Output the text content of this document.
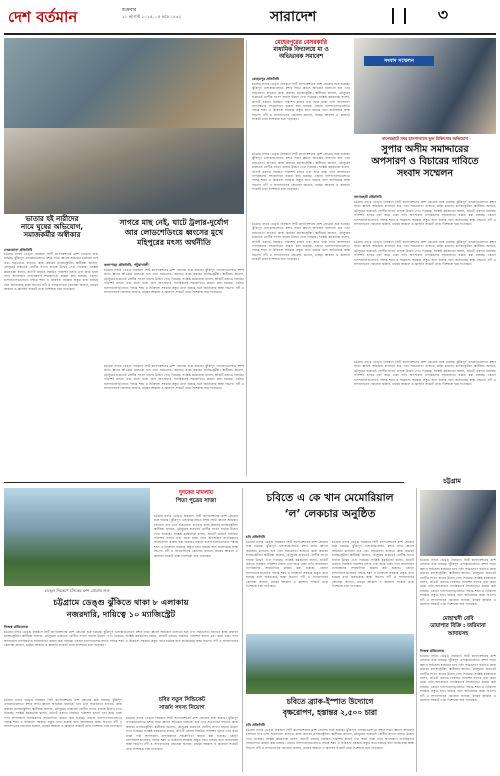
দেশ বর্তমান	শুক্রবার
২১ আগস্ট ২০২৫, ০৫ ভাদ্র ১৪৩২	সারাদেশ	৩
ভাতার হই নারীদের
নামে ঘুষের অভিযোগ,
সমাজকর্মীর অস্বীকার
নেত্রকোনা প্রতিনিধি
চট্টগ্রাম নগরে ডেঙ্গু নিয়ন্ত্রণে সিটি কর্পোরেশনের ক্রাশ প্রোগ্রাম শুরু হয়েছে। ঝুঁকিপূর্ণ এলাকাগুলোতে মশার লার্ভা ধ্বংসে অভিযান চালানো হবে এবং সচেতনতা বাড়াতে কাজ করবেন ম্যাজিস্ট্রেটরা। স্থানীয়রা জানান, মৌসুমের শুরুতেই রোগীর সংখ্যা বাড়ায় উদ্বেগ দেখা দিয়েছে। সংশ্লিষ্ট কর্মকর্তারা বলেন, প্রতিটি ওয়ার্ডে নিয়মিত পরিদর্শন চলবে এবং জমে থাকা পানি অপসারণে নাগরিকদের সহযোগিতা কামনা করা হয়েছে। এছাড়া হাসপাতালগুলোতে পর্যাপ্ত শয্যা ও চিকিৎসা সরঞ্জাম প্রস্তুত রাখা হয়েছে বলে জানিয়েছে স্বাস্থ্য বিভাগ। নদী ও সাগরপাড়ের জেলেরা জানান, মাছের আকাল ও জ্বালানি সংকটে তারা দিশেহারা হয়ে পড়েছেন।
সাগরে মাছ নেই, ঘাটে ট্রলার-দুর্যোগ
আর লোডশেডিংয়ে ধ্বংসের মুখে
মহিপুরের মৎস্য অর্থনীতি
কলাপাড়া প্রতিনিধি, পটুয়াখালী
চট্টগ্রাম নগরে ডেঙ্গু নিয়ন্ত্রণে সিটি কর্পোরেশনের ক্রাশ প্রোগ্রাম শুরু হয়েছে। ঝুঁকিপূর্ণ এলাকাগুলোতে মশার লার্ভা ধ্বংসে অভিযান চালানো হবে এবং সচেতনতা বাড়াতে কাজ করবেন ম্যাজিস্ট্রেটরা। স্থানীয়রা জানান, মৌসুমের শুরুতেই রোগীর সংখ্যা বাড়ায় উদ্বেগ দেখা দিয়েছে। সংশ্লিষ্ট কর্মকর্তারা বলেন, প্রতিটি ওয়ার্ডে নিয়মিত পরিদর্শন চলবে এবং জমে থাকা পানি অপসারণে নাগরিকদের সহযোগিতা কামনা করা হয়েছে। এছাড়া হাসপাতালগুলোতে পর্যাপ্ত শয্যা ও চিকিৎসা সরঞ্জাম প্রস্তুত রাখা হয়েছে বলে জানিয়েছে স্বাস্থ্য বিভাগ। নদী ও সাগরপাড়ের জেলেরা জানান, মাছের আকাল ও জ্বালানি সংকটে তারা দিশেহারা হয়ে পড়েছেন।
চট্টগ্রাম নগরে ডেঙ্গু নিয়ন্ত্রণে সিটি কর্পোরেশনের ক্রাশ প্রোগ্রাম শুরু হয়েছে। ঝুঁকিপূর্ণ এলাকাগুলোতে মশার লার্ভা ধ্বংসে অভিযান চালানো হবে এবং সচেতনতা বাড়াতে কাজ করবেন ম্যাজিস্ট্রেটরা। স্থানীয়রা জানান, মৌসুমের শুরুতেই রোগীর সংখ্যা বাড়ায় উদ্বেগ দেখা দিয়েছে। সংশ্লিষ্ট কর্মকর্তারা বলেন, প্রতিটি ওয়ার্ডে নিয়মিত পরিদর্শন চলবে এবং জমে থাকা পানি অপসারণে নাগরিকদের সহযোগিতা কামনা করা হয়েছে। এছাড়া হাসপাতালগুলোতে পর্যাপ্ত শয্যা ও চিকিৎসা সরঞ্জাম প্রস্তুত রাখা হয়েছে বলে জানিয়েছে স্বাস্থ্য বিভাগ। নদী ও সাগরপাড়ের জেলেরা জানান, মাছের আকাল ও জ্বালানি সংকটে তারা দিশেহারা হয়ে পড়েছেন।
মেহেরপুরের বেসরকারি
মাধ্যমিক বিদ্যালয়ে মা ও
অভিভাবক সমাবেশ
মেহেরপুর প্রতিনিধি
চট্টগ্রাম নগরে ডেঙ্গু নিয়ন্ত্রণে সিটি কর্পোরেশনের ক্রাশ প্রোগ্রাম শুরু হয়েছে। ঝুঁকিপূর্ণ এলাকাগুলোতে মশার লার্ভা ধ্বংসে অভিযান চালানো হবে এবং সচেতনতা বাড়াতে কাজ করবেন ম্যাজিস্ট্রেটরা। স্থানীয়রা জানান, মৌসুমের শুরুতেই রোগীর সংখ্যা বাড়ায় উদ্বেগ দেখা দিয়েছে। সংশ্লিষ্ট কর্মকর্তারা বলেন, প্রতিটি ওয়ার্ডে নিয়মিত পরিদর্শন চলবে এবং জমে থাকা পানি অপসারণে নাগরিকদের সহযোগিতা কামনা করা হয়েছে। এছাড়া হাসপাতালগুলোতে পর্যাপ্ত শয্যা ও চিকিৎসা সরঞ্জাম প্রস্তুত রাখা হয়েছে বলে জানিয়েছে স্বাস্থ্য বিভাগ। নদী ও সাগরপাড়ের জেলেরা জানান, মাছের আকাল ও জ্বালানি সংকটে তারা দিশেহারা হয়ে পড়েছেন।
চট্টগ্রাম নগরে ডেঙ্গু নিয়ন্ত্রণে সিটি কর্পোরেশনের ক্রাশ প্রোগ্রাম শুরু হয়েছে। ঝুঁকিপূর্ণ এলাকাগুলোতে মশার লার্ভা ধ্বংসে অভিযান চালানো হবে এবং সচেতনতা বাড়াতে কাজ করবেন ম্যাজিস্ট্রেটরা। স্থানীয়রা জানান, মৌসুমের শুরুতেই রোগীর সংখ্যা বাড়ায় উদ্বেগ দেখা দিয়েছে। সংশ্লিষ্ট কর্মকর্তারা বলেন, প্রতিটি ওয়ার্ডে নিয়মিত পরিদর্শন চলবে এবং জমে থাকা পানি অপসারণে নাগরিকদের সহযোগিতা কামনা করা হয়েছে। এছাড়া হাসপাতালগুলোতে পর্যাপ্ত শয্যা ও চিকিৎসা সরঞ্জাম প্রস্তুত রাখা হয়েছে বলে জানিয়েছে স্বাস্থ্য বিভাগ। নদী ও সাগরপাড়ের জেলেরা জানান, মাছের আকাল ও জ্বালানি সংকটে তারা দিশেহারা হয়ে পড়েছেন।
সংবাদ সম্মেলন
বাগেরহাটে সদর হাসপাতালে ভুল চিকিৎসার অভিযোগ
সুপার অসীম সমাদ্দারের
অপসারণ ও বিচারের দাবিতে
সংবাদ সম্মেলন
বাগেরহাট প্রতিনিধি
চট্টগ্রাম নগরে ডেঙ্গু নিয়ন্ত্রণে সিটি কর্পোরেশনের ক্রাশ প্রোগ্রাম শুরু হয়েছে। ঝুঁকিপূর্ণ এলাকাগুলোতে মশার লার্ভা ধ্বংসে অভিযান চালানো হবে এবং সচেতনতা বাড়াতে কাজ করবেন ম্যাজিস্ট্রেটরা। স্থানীয়রা জানান, মৌসুমের শুরুতেই রোগীর সংখ্যা বাড়ায় উদ্বেগ দেখা দিয়েছে। সংশ্লিষ্ট কর্মকর্তারা বলেন, প্রতিটি ওয়ার্ডে নিয়মিত পরিদর্শন চলবে এবং জমে থাকা পানি অপসারণে নাগরিকদের সহযোগিতা কামনা করা হয়েছে। এছাড়া হাসপাতালগুলোতে পর্যাপ্ত শয্যা ও চিকিৎসা সরঞ্জাম প্রস্তুত রাখা হয়েছে বলে জানিয়েছে স্বাস্থ্য বিভাগ। নদী ও সাগরপাড়ের জেলেরা জানান, মাছের আকাল ও জ্বালানি সংকটে তারা দিশেহারা হয়ে পড়েছেন।
চট্টগ্রাম নগরে ডেঙ্গু নিয়ন্ত্রণে সিটি কর্পোরেশনের ক্রাশ প্রোগ্রাম শুরু হয়েছে। ঝুঁকিপূর্ণ এলাকাগুলোতে মশার লার্ভা ধ্বংসে অভিযান চালানো হবে এবং সচেতনতা বাড়াতে কাজ করবেন ম্যাজিস্ট্রেটরা। স্থানীয়রা জানান, মৌসুমের শুরুতেই রোগীর সংখ্যা বাড়ায় উদ্বেগ দেখা দিয়েছে। সংশ্লিষ্ট কর্মকর্তারা বলেন, প্রতিটি ওয়ার্ডে নিয়মিত পরিদর্শন চলবে এবং জমে থাকা পানি অপসারণে নাগরিকদের সহযোগিতা কামনা করা হয়েছে। এছাড়া হাসপাতালগুলোতে পর্যাপ্ত শয্যা ও চিকিৎসা সরঞ্জাম প্রস্তুত রাখা হয়েছে বলে জানিয়েছে স্বাস্থ্য বিভাগ। নদী ও সাগরপাড়ের জেলেরা জানান, মাছের আকাল ও জ্বালানি সংকটে তারা দিশেহারা হয়ে পড়েছেন।
চট্টগ্রাম নগরে ডেঙ্গু নিয়ন্ত্রণে সিটি কর্পোরেশনের ক্রাশ প্রোগ্রাম শুরু হয়েছে। ঝুঁকিপূর্ণ এলাকাগুলোতে মশার লার্ভা ধ্বংসে অভিযান চালানো হবে এবং সচেতনতা বাড়াতে কাজ করবেন ম্যাজিস্ট্রেটরা। স্থানীয়রা জানান, মৌসুমের শুরুতেই রোগীর সংখ্যা বাড়ায় উদ্বেগ দেখা দিয়েছে। সংশ্লিষ্ট কর্মকর্তারা বলেন, প্রতিটি ওয়ার্ডে নিয়মিত পরিদর্শন চলবে এবং জমে থাকা পানি অপসারণে নাগরিকদের সহযোগিতা কামনা করা হয়েছে। এছাড়া হাসপাতালগুলোতে পর্যাপ্ত শয্যা ও চিকিৎসা সরঞ্জাম প্রস্তুত রাখা হয়েছে বলে জানিয়েছে স্বাস্থ্য বিভাগ। নদী ও সাগরপাড়ের জেলেরা জানান, মাছের আকাল ও জ্বালানি সংকটে তারা দিশেহারা হয়ে পড়েছেন।
চট্টগ্রাম নগরে ডেঙ্গু নিয়ন্ত্রণে সিটি কর্পোরেশনের ক্রাশ প্রোগ্রাম শুরু হয়েছে। ঝুঁকিপূর্ণ এলাকাগুলোতে মশার লার্ভা ধ্বংসে অভিযান চালানো হবে এবং সচেতনতা বাড়াতে কাজ করবেন ম্যাজিস্ট্রেটরা। স্থানীয়রা জানান, মৌসুমের শুরুতেই রোগীর সংখ্যা বাড়ায় উদ্বেগ দেখা দিয়েছে। সংশ্লিষ্ট কর্মকর্তারা বলেন, প্রতিটি ওয়ার্ডে নিয়মিত পরিদর্শন চলবে এবং জমে থাকা পানি অপসারণে নাগরিকদের সহযোগিতা কামনা করা হয়েছে। এছাড়া হাসপাতালগুলোতে পর্যাপ্ত শয্যা ও চিকিৎসা সরঞ্জাম প্রস্তুত রাখা হয়েছে বলে জানিয়েছে স্বাস্থ্য বিভাগ। নদী ও সাগরপাড়ের জেলেরা জানান, মাছের আকাল ও জ্বালানি সংকটে তারা দিশেহারা হয়ে পড়েছেন।
চট্টগ্রাম
ডেঙ্গু নিয়ন্ত্রণে চসিকের ক্রাশ প্রোগ্রাম শুরু
দুদকের মামলায়
পিতা পুত্রের সাজা
চট্টগ্রাম নগরে ডেঙ্গু নিয়ন্ত্রণে সিটি কর্পোরেশনের ক্রাশ প্রোগ্রাম শুরু হয়েছে। ঝুঁকিপূর্ণ এলাকাগুলোতে মশার লার্ভা ধ্বংসে অভিযান চালানো হবে এবং সচেতনতা বাড়াতে কাজ করবেন ম্যাজিস্ট্রেটরা। স্থানীয়রা জানান, মৌসুমের শুরুতেই রোগীর সংখ্যা বাড়ায় উদ্বেগ দেখা দিয়েছে। সংশ্লিষ্ট কর্মকর্তারা বলেন, প্রতিটি ওয়ার্ডে নিয়মিত পরিদর্শন চলবে এবং জমে থাকা পানি অপসারণে নাগরিকদের সহযোগিতা কামনা করা হয়েছে। এছাড়া হাসপাতালগুলোতে পর্যাপ্ত শয্যা ও চিকিৎসা সরঞ্জাম প্রস্তুত রাখা হয়েছে বলে জানিয়েছে স্বাস্থ্য বিভাগ। নদী ও সাগরপাড়ের জেলেরা জানান, মাছের আকাল ও জ্বালানি সংকটে তারা দিশেহারা হয়ে পড়েছেন।
চট্টগ্রামে ডেঙ্গু ঝুঁকিতে থাকা ৮ এলাকায়
নজরদারি, দায়িত্বে ১০ ম্যাজিস্ট্রেট
নিজস্ব প্রতিবেদক
চট্টগ্রাম নগরে ডেঙ্গু নিয়ন্ত্রণে সিটি কর্পোরেশনের ক্রাশ প্রোগ্রাম শুরু হয়েছে। ঝুঁকিপূর্ণ এলাকাগুলোতে মশার লার্ভা ধ্বংসে অভিযান চালানো হবে এবং সচেতনতা বাড়াতে কাজ করবেন ম্যাজিস্ট্রেটরা। স্থানীয়রা জানান, মৌসুমের শুরুতেই রোগীর সংখ্যা বাড়ায় উদ্বেগ দেখা দিয়েছে। সংশ্লিষ্ট কর্মকর্তারা বলেন, প্রতিটি ওয়ার্ডে নিয়মিত পরিদর্শন চলবে এবং জমে থাকা পানি অপসারণে নাগরিকদের সহযোগিতা কামনা করা হয়েছে। এছাড়া হাসপাতালগুলোতে পর্যাপ্ত শয্যা ও চিকিৎসা সরঞ্জাম প্রস্তুত রাখা হয়েছে বলে জানিয়েছে স্বাস্থ্য বিভাগ। নদী ও সাগরপাড়ের জেলেরা জানান, মাছের আকাল ও জ্বালানি সংকটে তারা দিশেহারা হয়ে পড়েছেন।
চবির নতুন সিন্ডিকেট
সার্জন সদস্য নিয়োগ
চট্টগ্রাম নগরে ডেঙ্গু নিয়ন্ত্রণে সিটি কর্পোরেশনের ক্রাশ প্রোগ্রাম শুরু হয়েছে। ঝুঁকিপূর্ণ এলাকাগুলোতে মশার লার্ভা ধ্বংসে অভিযান চালানো হবে এবং সচেতনতা বাড়াতে কাজ করবেন ম্যাজিস্ট্রেটরা। স্থানীয়রা জানান, মৌসুমের শুরুতেই রোগীর সংখ্যা বাড়ায় উদ্বেগ দেখা দিয়েছে। সংশ্লিষ্ট কর্মকর্তারা বলেন, প্রতিটি ওয়ার্ডে নিয়মিত পরিদর্শন চলবে এবং জমে থাকা পানি অপসারণে নাগরিকদের সহযোগিতা কামনা করা হয়েছে। এছাড়া হাসপাতালগুলোতে পর্যাপ্ত শয্যা ও চিকিৎসা সরঞ্জাম প্রস্তুত রাখা হয়েছে বলে জানিয়েছে স্বাস্থ্য বিভাগ। নদী ও সাগরপাড়ের জেলেরা জানান, মাছের আকাল ও জ্বালানি সংকটে তারা দিশেহারা হয়ে পড়েছেন।
চট্টগ্রাম নগরে ডেঙ্গু নিয়ন্ত্রণে সিটি কর্পোরেশনের ক্রাশ প্রোগ্রাম শুরু হয়েছে। ঝুঁকিপূর্ণ এলাকাগুলোতে মশার লার্ভা ধ্বংসে অভিযান চালানো হবে এবং সচেতনতা বাড়াতে কাজ করবেন ম্যাজিস্ট্রেটরা। স্থানীয়রা জানান, মৌসুমের শুরুতেই রোগীর সংখ্যা বাড়ায় উদ্বেগ দেখা দিয়েছে। সংশ্লিষ্ট কর্মকর্তারা বলেন, প্রতিটি ওয়ার্ডে নিয়মিত পরিদর্শন চলবে এবং জমে থাকা পানি অপসারণে নাগরিকদের সহযোগিতা কামনা করা হয়েছে। এছাড়া হাসপাতালগুলোতে পর্যাপ্ত শয্যা ও চিকিৎসা সরঞ্জাম প্রস্তুত রাখা হয়েছে বলে জানিয়েছে স্বাস্থ্য বিভাগ। নদী ও সাগরপাড়ের জেলেরা জানান, মাছের আকাল ও জ্বালানি সংকটে তারা দিশেহারা হয়ে পড়েছেন।
চবিতে এ কে খান মেমোরিয়াল
‘ল’ লেকচার অনুষ্ঠিত
চবি প্রতিনিধি
চট্টগ্রাম নগরে ডেঙ্গু নিয়ন্ত্রণে সিটি কর্পোরেশনের ক্রাশ প্রোগ্রাম শুরু হয়েছে। ঝুঁকিপূর্ণ এলাকাগুলোতে মশার লার্ভা ধ্বংসে অভিযান চালানো হবে এবং সচেতনতা বাড়াতে কাজ করবেন ম্যাজিস্ট্রেটরা। স্থানীয়রা জানান, মৌসুমের শুরুতেই রোগীর সংখ্যা বাড়ায় উদ্বেগ দেখা দিয়েছে। সংশ্লিষ্ট কর্মকর্তারা বলেন, প্রতিটি ওয়ার্ডে নিয়মিত পরিদর্শন চলবে এবং জমে থাকা পানি অপসারণে নাগরিকদের সহযোগিতা কামনা করা হয়েছে। এছাড়া হাসপাতালগুলোতে পর্যাপ্ত শয্যা ও চিকিৎসা সরঞ্জাম প্রস্তুত রাখা হয়েছে বলে জানিয়েছে স্বাস্থ্য বিভাগ। নদী ও সাগরপাড়ের জেলেরা জানান, মাছের আকাল ও জ্বালানি সংকটে তারা দিশেহারা হয়ে পড়েছেন।
চট্টগ্রাম নগরে ডেঙ্গু নিয়ন্ত্রণে সিটি কর্পোরেশনের ক্রাশ প্রোগ্রাম শুরু হয়েছে। ঝুঁকিপূর্ণ এলাকাগুলোতে মশার লার্ভা ধ্বংসে অভিযান চালানো হবে এবং সচেতনতা বাড়াতে কাজ করবেন ম্যাজিস্ট্রেটরা। স্থানীয়রা জানান, মৌসুমের শুরুতেই রোগীর সংখ্যা বাড়ায় উদ্বেগ দেখা দিয়েছে। সংশ্লিষ্ট কর্মকর্তারা বলেন, প্রতিটি ওয়ার্ডে নিয়মিত পরিদর্শন চলবে এবং জমে থাকা পানি অপসারণে নাগরিকদের সহযোগিতা কামনা করা হয়েছে। এছাড়া হাসপাতালগুলোতে পর্যাপ্ত শয্যা ও চিকিৎসা সরঞ্জাম প্রস্তুত রাখা হয়েছে বলে জানিয়েছে স্বাস্থ্য বিভাগ। নদী ও সাগরপাড়ের জেলেরা জানান, মাছের আকাল ও জ্বালানি সংকটে তারা দিশেহারা হয়ে পড়েছেন।
চবিতে ব্র্যাক-ইস্পাত উদ্যোগে
বৃক্ষরোপণ, হস্তান্তর ২,৫০০ চারা
চবি প্রতিনিধি
চট্টগ্রাম নগরে ডেঙ্গু নিয়ন্ত্রণে সিটি কর্পোরেশনের ক্রাশ প্রোগ্রাম শুরু হয়েছে। ঝুঁকিপূর্ণ এলাকাগুলোতে মশার লার্ভা ধ্বংসে অভিযান চালানো হবে এবং সচেতনতা বাড়াতে কাজ করবেন ম্যাজিস্ট্রেটরা। স্থানীয়রা জানান, মৌসুমের শুরুতেই রোগীর সংখ্যা বাড়ায় উদ্বেগ দেখা দিয়েছে। সংশ্লিষ্ট কর্মকর্তারা বলেন, প্রতিটি ওয়ার্ডে নিয়মিত পরিদর্শন চলবে এবং জমে থাকা পানি অপসারণে নাগরিকদের সহযোগিতা কামনা করা হয়েছে। এছাড়া হাসপাতালগুলোতে পর্যাপ্ত শয্যা ও চিকিৎসা সরঞ্জাম প্রস্তুত রাখা হয়েছে বলে জানিয়েছে স্বাস্থ্য বিভাগ। নদী ও সাগরপাড়ের জেলেরা জানান, মাছের আকাল ও জ্বালানি সংকটে তারা দিশেহারা হয়ে পড়েছেন।
চট্টগ্রাম নগরে ডেঙ্গু নিয়ন্ত্রণে সিটি কর্পোরেশনের ক্রাশ প্রোগ্রাম শুরু হয়েছে। ঝুঁকিপূর্ণ এলাকাগুলোতে মশার লার্ভা ধ্বংসে অভিযান চালানো হবে এবং সচেতনতা বাড়াতে কাজ করবেন ম্যাজিস্ট্রেটরা। স্থানীয়রা জানান, মৌসুমের শুরুতেই রোগীর সংখ্যা বাড়ায় উদ্বেগ দেখা দিয়েছে। সংশ্লিষ্ট কর্মকর্তারা বলেন, প্রতিটি ওয়ার্ডে নিয়মিত পরিদর্শন চলবে এবং জমে থাকা পানি অপসারণে নাগরিকদের সহযোগিতা কামনা করা হয়েছে। এছাড়া হাসপাতালগুলোতে পর্যাপ্ত শয্যা ও চিকিৎসা সরঞ্জাম প্রস্তুত রাখা হয়েছে বলে জানিয়েছে স্বাস্থ্য বিভাগ। নদী ও সাগরপাড়ের জেলেরা জানান, মাছের আকাল ও জ্বালানি সংকটে তারা দিশেহারা হয়ে পড়েছেন।
মোহাম্মদী বেবি
ডায়াপার বিক্রি : জরিমানা
আদায়সহ
নিজস্ব প্রতিবেদক
চট্টগ্রাম নগরে ডেঙ্গু নিয়ন্ত্রণে সিটি কর্পোরেশনের ক্রাশ প্রোগ্রাম শুরু হয়েছে। ঝুঁকিপূর্ণ এলাকাগুলোতে মশার লার্ভা ধ্বংসে অভিযান চালানো হবে এবং সচেতনতা বাড়াতে কাজ করবেন ম্যাজিস্ট্রেটরা। স্থানীয়রা জানান, মৌসুমের শুরুতেই রোগীর সংখ্যা বাড়ায় উদ্বেগ দেখা দিয়েছে। সংশ্লিষ্ট কর্মকর্তারা বলেন, প্রতিটি ওয়ার্ডে নিয়মিত পরিদর্শন চলবে এবং জমে থাকা পানি অপসারণে নাগরিকদের সহযোগিতা কামনা করা হয়েছে। এছাড়া হাসপাতালগুলোতে পর্যাপ্ত শয্যা ও চিকিৎসা সরঞ্জাম প্রস্তুত রাখা হয়েছে বলে জানিয়েছে স্বাস্থ্য বিভাগ। নদী ও সাগরপাড়ের জেলেরা জানান, মাছের আকাল ও জ্বালানি সংকটে তারা দিশেহারা হয়ে পড়েছেন।
